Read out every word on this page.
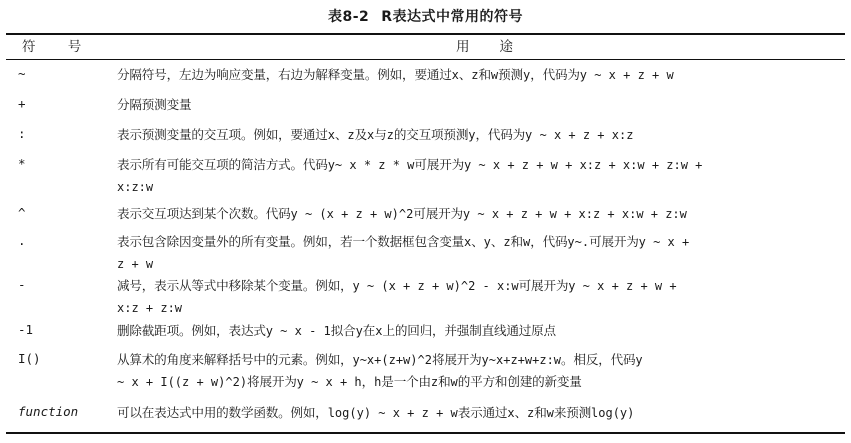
表8-2 R表达式中常用的符号
符 号	用 途
~	分隔符号，左边为响应变量，右边为解释变量。例如，要通过x、z和w预测y，代码为y ~ x + z + w
+	分隔预测变量
:	表示预测变量的交互项。例如，要通过x、z及x与z的交互项预测y，代码为y ~ x + z + x:z
*	表示所有可能交互项的简洁方式。代码y~ x * z * w可展开为y ~ x + z + w + x:z + x:w + z:w +
x:z:w
^	表示交互项达到某个次数。代码y ~ (x + z + w)^2可展开为y ~ x + z + w + x:z + x:w + z:w
.	表示包含除因变量外的所有变量。例如，若一个数据框包含变量x、y、z和w，代码y~.可展开为y ~ x +
z + w
-	减号，表示从等式中移除某个变量。例如，y ~ (x + z + w)^2 - x:w可展开为y ~ x + z + w +
x:z + z:w
-1	删除截距项。例如，表达式y ~ x - 1拟合y在x上的回归，并强制直线通过原点
I()	从算术的角度来解释括号中的元素。例如，y~x+(z+w)^2将展开为y~x+z+w+z:w。相反，代码y
~ x + I((z + w)^2)将展开为y ~ x + h，h是一个由z和w的平方和创建的新变量
function	可以在表达式中用的数学函数。例如，log(y) ~ x + z + w表示通过x、z和w来预测log(y)
